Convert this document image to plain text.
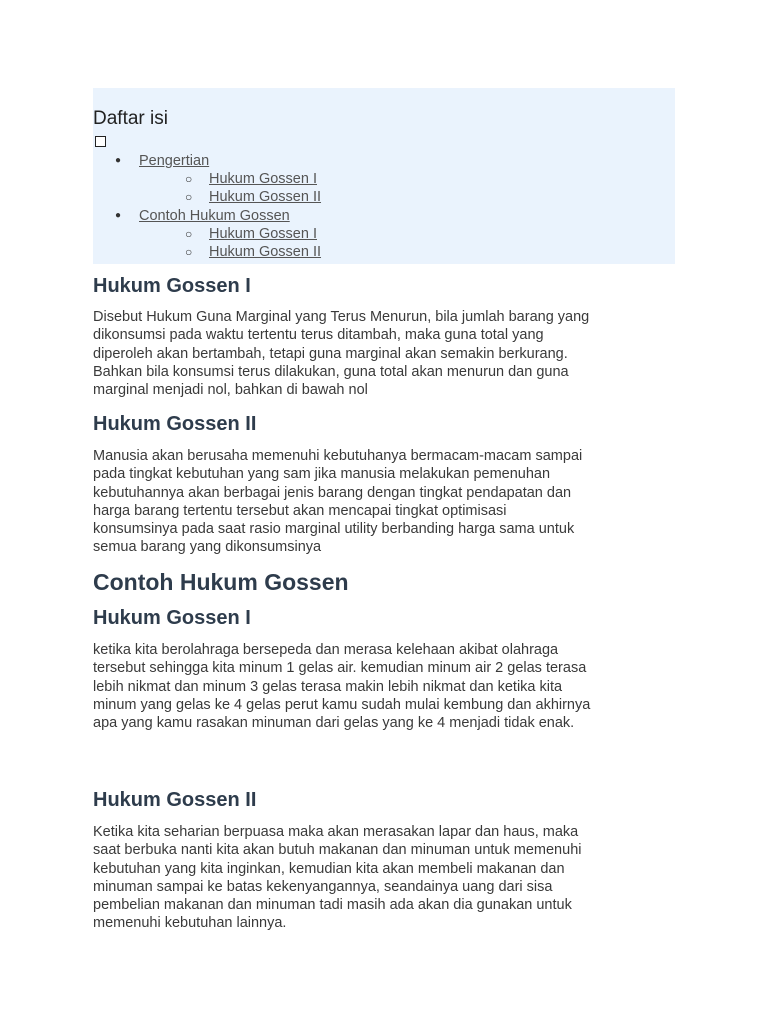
Daftar isi
● Pengertian
○ Hukum Gossen I
○ Hukum Gossen II
● Contoh Hukum Gossen
○ Hukum Gossen I
○ Hukum Gossen II
Hukum Gossen I

Disebut Hukum Guna Marginal yang Terus Menurun, bila jumlah barang yang
dikonsumsi pada waktu tertentu terus ditambah, maka guna total yang
diperoleh akan bertambah, tetapi guna marginal akan semakin berkurang.
Bahkan bila konsumsi terus dilakukan, guna total akan menurun dan guna
marginal menjadi nol, bahkan di bawah nol

Hukum Gossen II

Manusia akan berusaha memenuhi kebutuhanya bermacam-macam sampai
pada tingkat kebutuhan yang sam jika manusia melakukan pemenuhan
kebutuhannya akan berbagai jenis barang dengan tingkat pendapatan dan
harga barang tertentu tersebut akan mencapai tingkat optimisasi
konsumsinya pada saat rasio marginal utility berbanding harga sama untuk
semua barang yang dikonsumsinya

Contoh Hukum Gossen
Hukum Gossen I

ketika kita berolahraga bersepeda dan merasa kelehaan akibat olahraga
tersebut sehingga kita minum 1 gelas air. kemudian minum air 2 gelas terasa
lebih nikmat dan minum 3 gelas terasa makin lebih nikmat dan ketika kita
minum yang gelas ke 4 gelas perut kamu sudah mulai kembung dan akhirnya
apa yang kamu rasakan minuman dari gelas yang ke 4 menjadi tidak enak.

Hukum Gossen II

Ketika kita seharian berpuasa maka akan merasakan lapar dan haus, maka
saat berbuka nanti kita akan butuh makanan dan minuman untuk memenuhi
kebutuhan yang kita inginkan, kemudian kita akan membeli makanan dan
minuman sampai ke batas kekenyangannya, seandainya uang dari sisa
pembelian makanan dan minuman tadi masih ada akan dia gunakan untuk
memenuhi kebutuhan lainnya.
